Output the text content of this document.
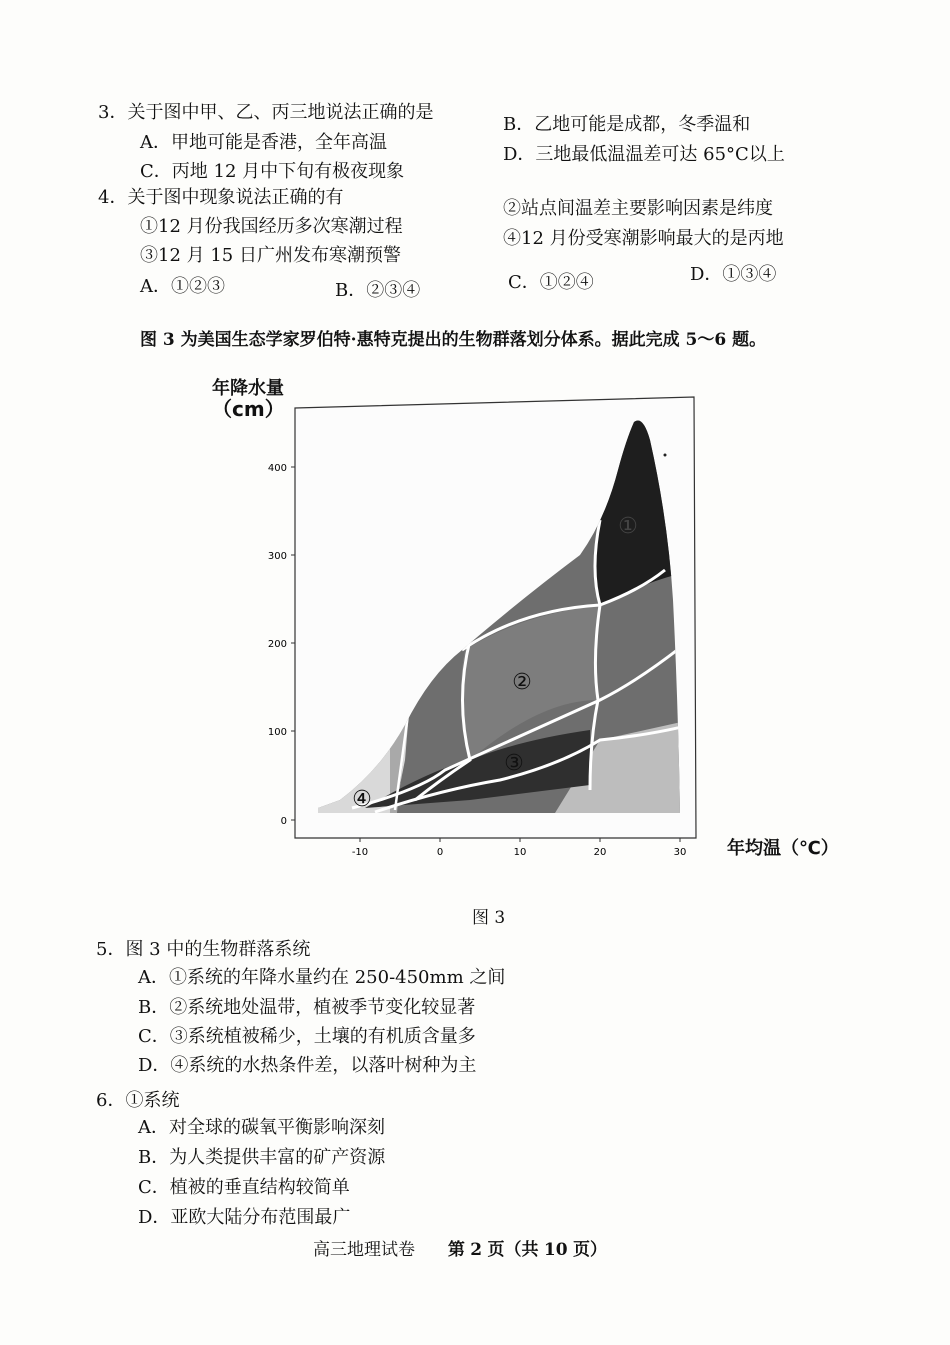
3．关于图中甲、乙、丙三地说法正确的是
A．甲地可能是香港，全年高温
B．乙地可能是成都，冬季温和
C．丙地 12 月中下旬有极夜现象
D．三地最低温温差可达 65°C以上
4．关于图中现象说法正确的有
①12 月份我国经历多次寒潮过程
②站点间温差主要影响因素是纬度
③12 月 15 日广州发布寒潮预警
④12 月份受寒潮影响最大的是丙地
A．①②③	B．②③④	C．①②④	D．①③④
图 3 为美国生态学家罗伯特·惠特克提出的生物群落划分体系。据此完成 5～6 题。
年降水量
（cm）
年均温（℃）
400
300
200
100
0
-10	0	10	20	30
①
②
③
④
图 3
5．图 3 中的生物群落系统
A．①系统的年降水量约在 250-450mm 之间
B．②系统地处温带，植被季节变化较显著
C．③系统植被稀少，土壤的有机质含量多
D．④系统的水热条件差，以落叶树种为主
6．①系统
A．对全球的碳氧平衡影响深刻
B．为人类提供丰富的矿产资源
C．植被的垂直结构较简单
D．亚欧大陆分布范围最广
高三地理试卷 第 2 页（共 10 页）
